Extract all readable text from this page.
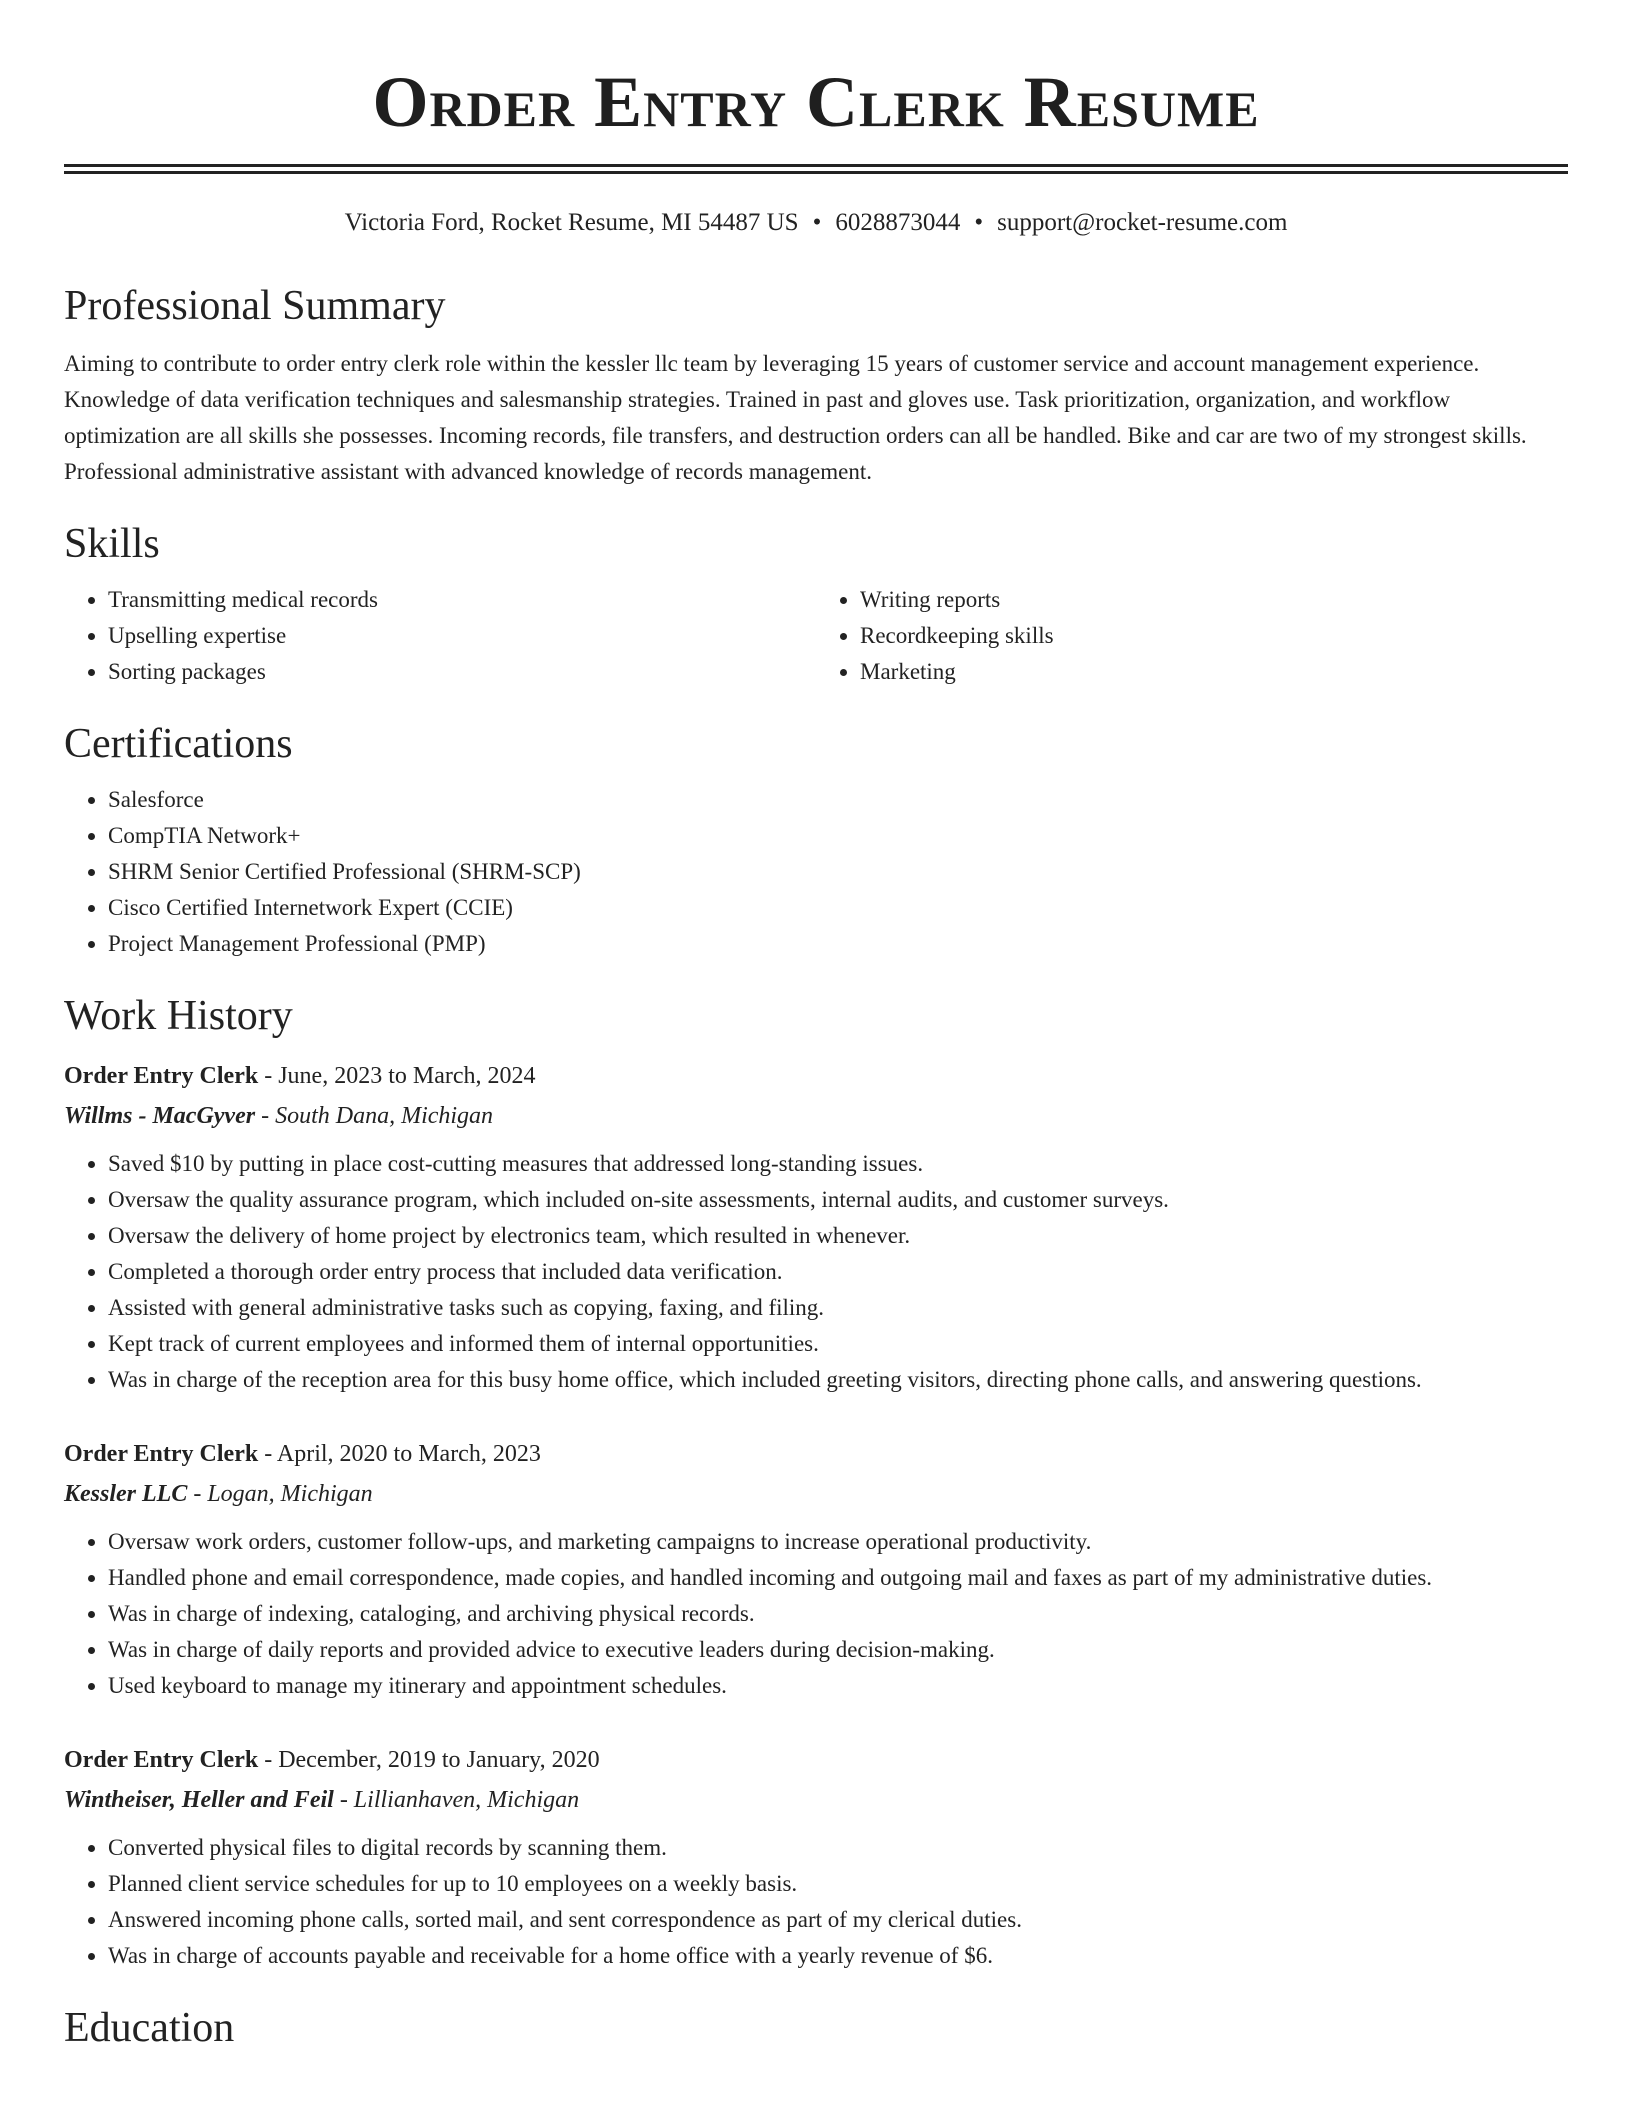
Order Entry Clerk Resume
Victoria Ford, Rocket Resume, MI 54487 US • 6028873044 • support@rocket-resume.com
Professional Summary

Aiming to contribute to order entry clerk role within the kessler llc team by leveraging 15 years of customer service and account management experience. Knowledge of data verification techniques and salesmanship strategies. Trained in past and gloves use. Task prioritization, organization, and workflow optimization are all skills she possesses. Incoming records, file transfers, and destruction orders can all be handled. Bike and car are two of my strongest skills. Professional administrative assistant with advanced knowledge of records management.

Skills
• Transmitting medical records
• Upselling expertise
• Sorting packages
• Writing reports
• Recordkeeping skills
• Marketing
Certifications
• Salesforce
• CompTIA Network+
• SHRM Senior Certified Professional (SHRM-SCP)
• Cisco Certified Internetwork Expert (CCIE)
• Project Management Professional (PMP)
Work History
Order Entry Clerk - June, 2023 to March, 2024
Willms - MacGyver - South Dana, Michigan
• Saved $10 by putting in place cost-cutting measures that addressed long-standing issues.
• Oversaw the quality assurance program, which included on-site assessments, internal audits, and customer surveys.
• Oversaw the delivery of home project by electronics team, which resulted in whenever.
• Completed a thorough order entry process that included data verification.
• Assisted with general administrative tasks such as copying, faxing, and filing.
• Kept track of current employees and informed them of internal opportunities.
• Was in charge of the reception area for this busy home office, which included greeting visitors, directing phone calls, and answering questions.
Order Entry Clerk - April, 2020 to March, 2023
Kessler LLC - Logan, Michigan
• Oversaw work orders, customer follow-ups, and marketing campaigns to increase operational productivity.
• Handled phone and email correspondence, made copies, and handled incoming and outgoing mail and faxes as part of my administrative duties.
• Was in charge of indexing, cataloging, and archiving physical records.
• Was in charge of daily reports and provided advice to executive leaders during decision-making.
• Used keyboard to manage my itinerary and appointment schedules.
Order Entry Clerk - December, 2019 to January, 2020
Wintheiser, Heller and Feil - Lillianhaven, Michigan
• Converted physical files to digital records by scanning them.
• Planned client service schedules for up to 10 employees on a weekly basis.
• Answered incoming phone calls, sorted mail, and sent correspondence as part of my clerical duties.
• Was in charge of accounts payable and receivable for a home office with a yearly revenue of $6.
Education
